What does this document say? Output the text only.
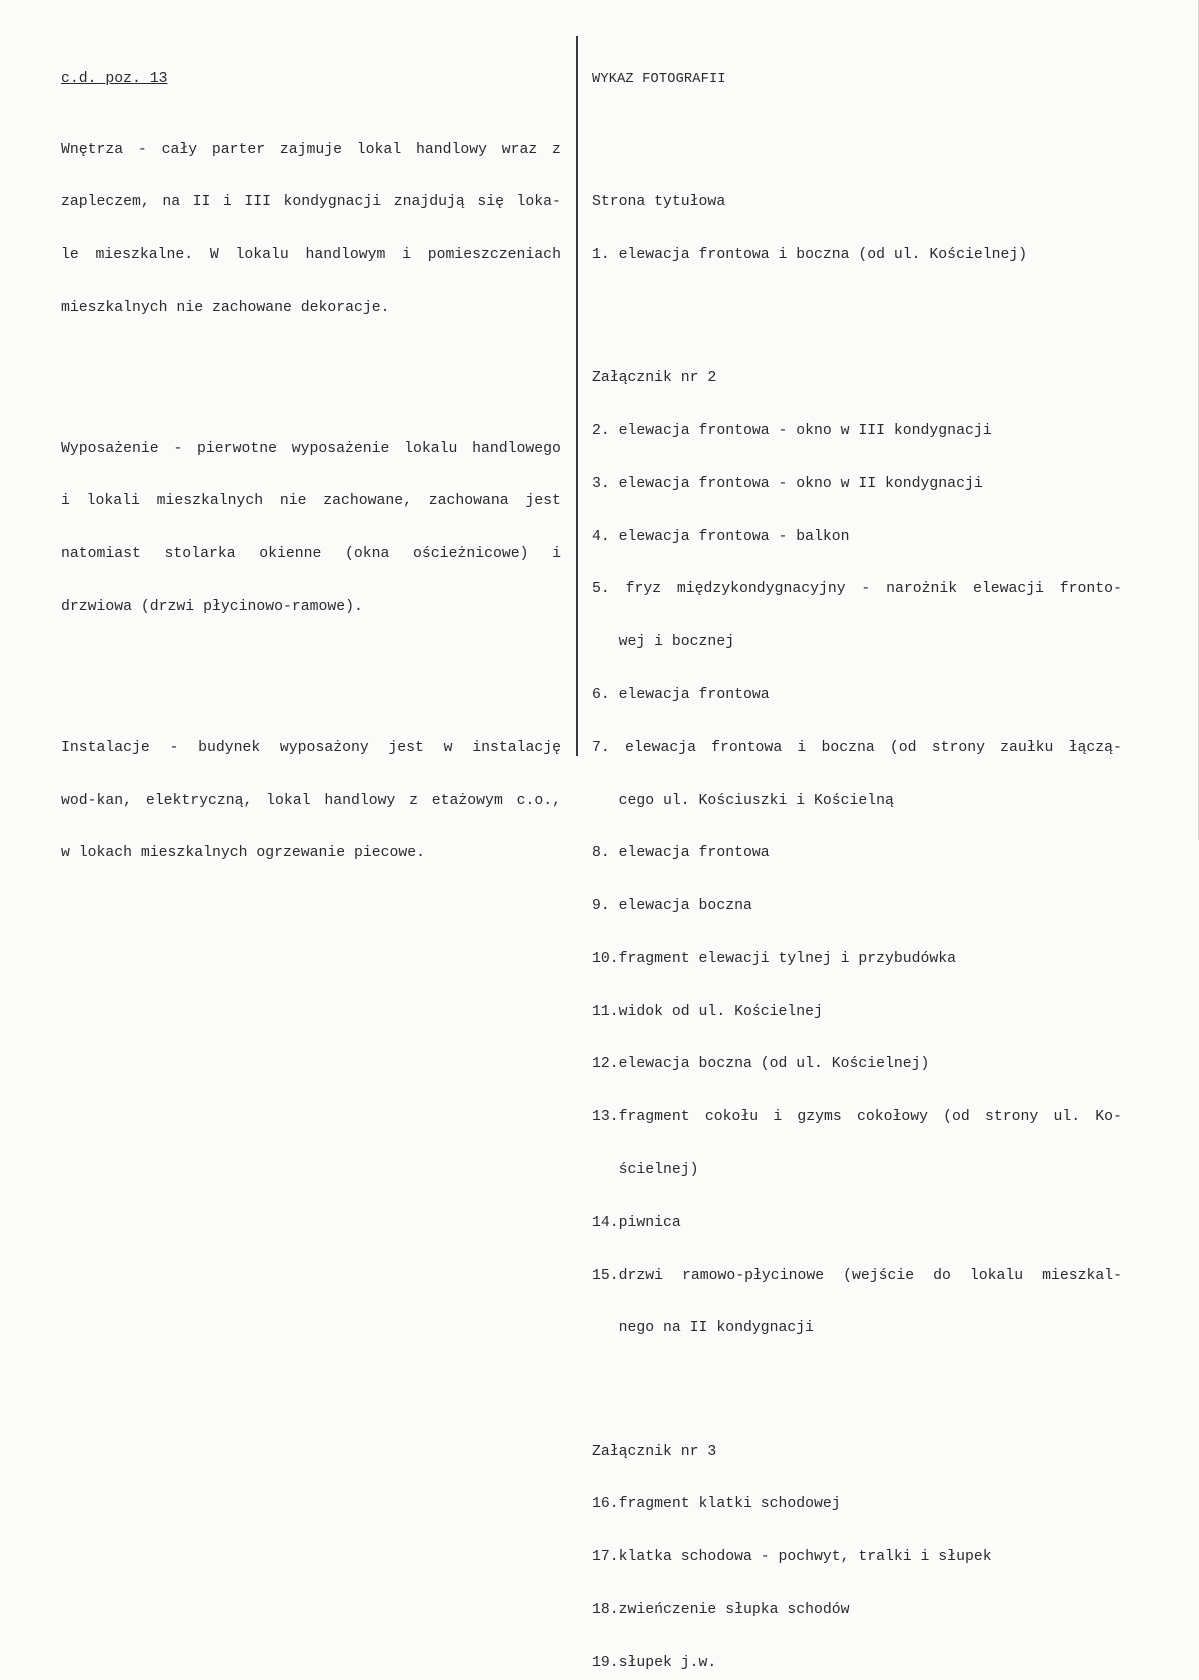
c.d. poz. 13

Wnętrza - cały parter zajmuje lokal handlowy wraz z

zapleczem, na II i III kondygnacji znajdują się loka-

le mieszkalne. W lokalu handlowym i pomieszczeniach

mieszkalnych nie zachowane dekoracje.

Wyposażenie - pierwotne wyposażenie lokalu handlowego

i lokali mieszkalnych nie zachowane, zachowana jest

natomiast stolarka okienne (okna ościeżnicowe) i

drzwiowa (drzwi płycinowo-ramowe).

Instalacje - budynek wyposażony jest w instalację

wod-kan, elektryczną, lokal handlowy z etażowym c.o.,

w lokach mieszkalnych ogrzewanie piecowe.

WYKAZ FOTOGRAFII

Strona tytułowa

1. elewacja frontowa i boczna (od ul. Kościelnej)

Załącznik nr 2

2. elewacja frontowa - okno w III kondygnacji

3. elewacja frontowa - okno w II kondygnacji

4. elewacja frontowa - balkon

5. fryz międzykondygnacyjny - narożnik elewacji fronto-

wej i bocznej

6. elewacja frontowa

7. elewacja frontowa i boczna (od strony zaułku łączą-

cego ul. Kościuszki i Kościelną

8. elewacja frontowa

9. elewacja boczna

10.fragment elewacji tylnej i przybudówka

11.widok od ul. Kościelnej

12.elewacja boczna (od ul. Kościelnej)

13.fragment cokołu i gzyms cokołowy (od strony ul. Ko-

ścielnej)

14.piwnica

15.drzwi ramowo-płycinowe (wejście do lokalu mieszkal-

nego na II kondygnacji

Załącznik nr 3

16.fragment klatki schodowej

17.klatka schodowa - pochwyt, tralki i słupek

18.zwieńczenie słupka schodów

19.słupek j.w.
